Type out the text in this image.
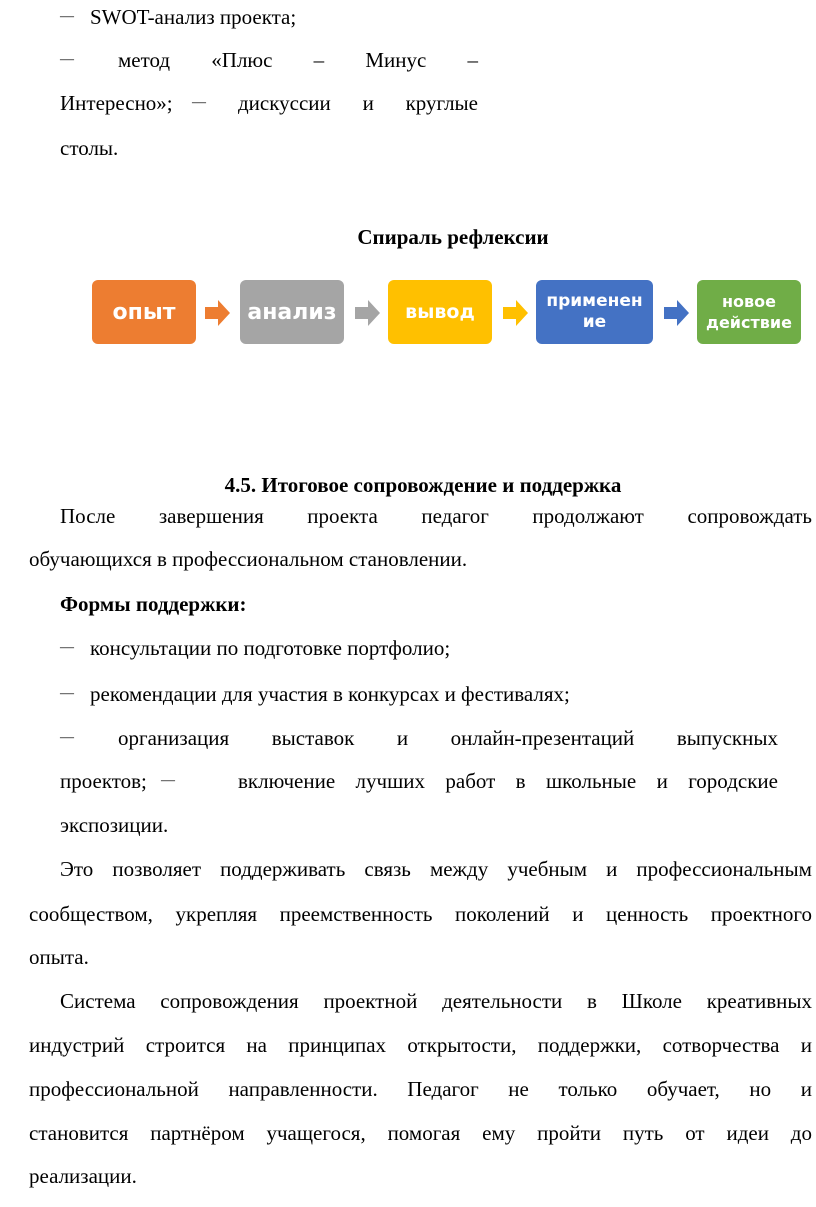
— SWOT-анализ проекта;
— метод «Плюс – Минус –
Интересно»; — дискуссии и круглые
столы.
Спираль рефлексии
опыт	анализ	вывод	применен
ие
новое
действие
4.5. Итоговое сопровождение и поддержка
После завершения проекта педагог продолжают сопровождать
обучающихся в профессиональном становлении.
Формы поддержки:
— консультации по подготовке портфолио;
— рекомендации для участия в конкурсах и фестивалях;
— организация выставок и онлайн-презентаций выпускных
проектов; —	включение лучших работ в школьные и городские
экспозиции.
Это позволяет поддерживать связь между учебным и профессиональным
сообществом, укрепляя преемственность поколений и ценность проектного
опыта.
Система сопровождения проектной деятельности в Школе креативных
индустрий строится на принципах открытости, поддержки, сотворчества и
профессиональной направленности. Педагог не только обучает, но и
становится партнёром учащегося, помогая ему пройти путь от идеи до
реализации.
